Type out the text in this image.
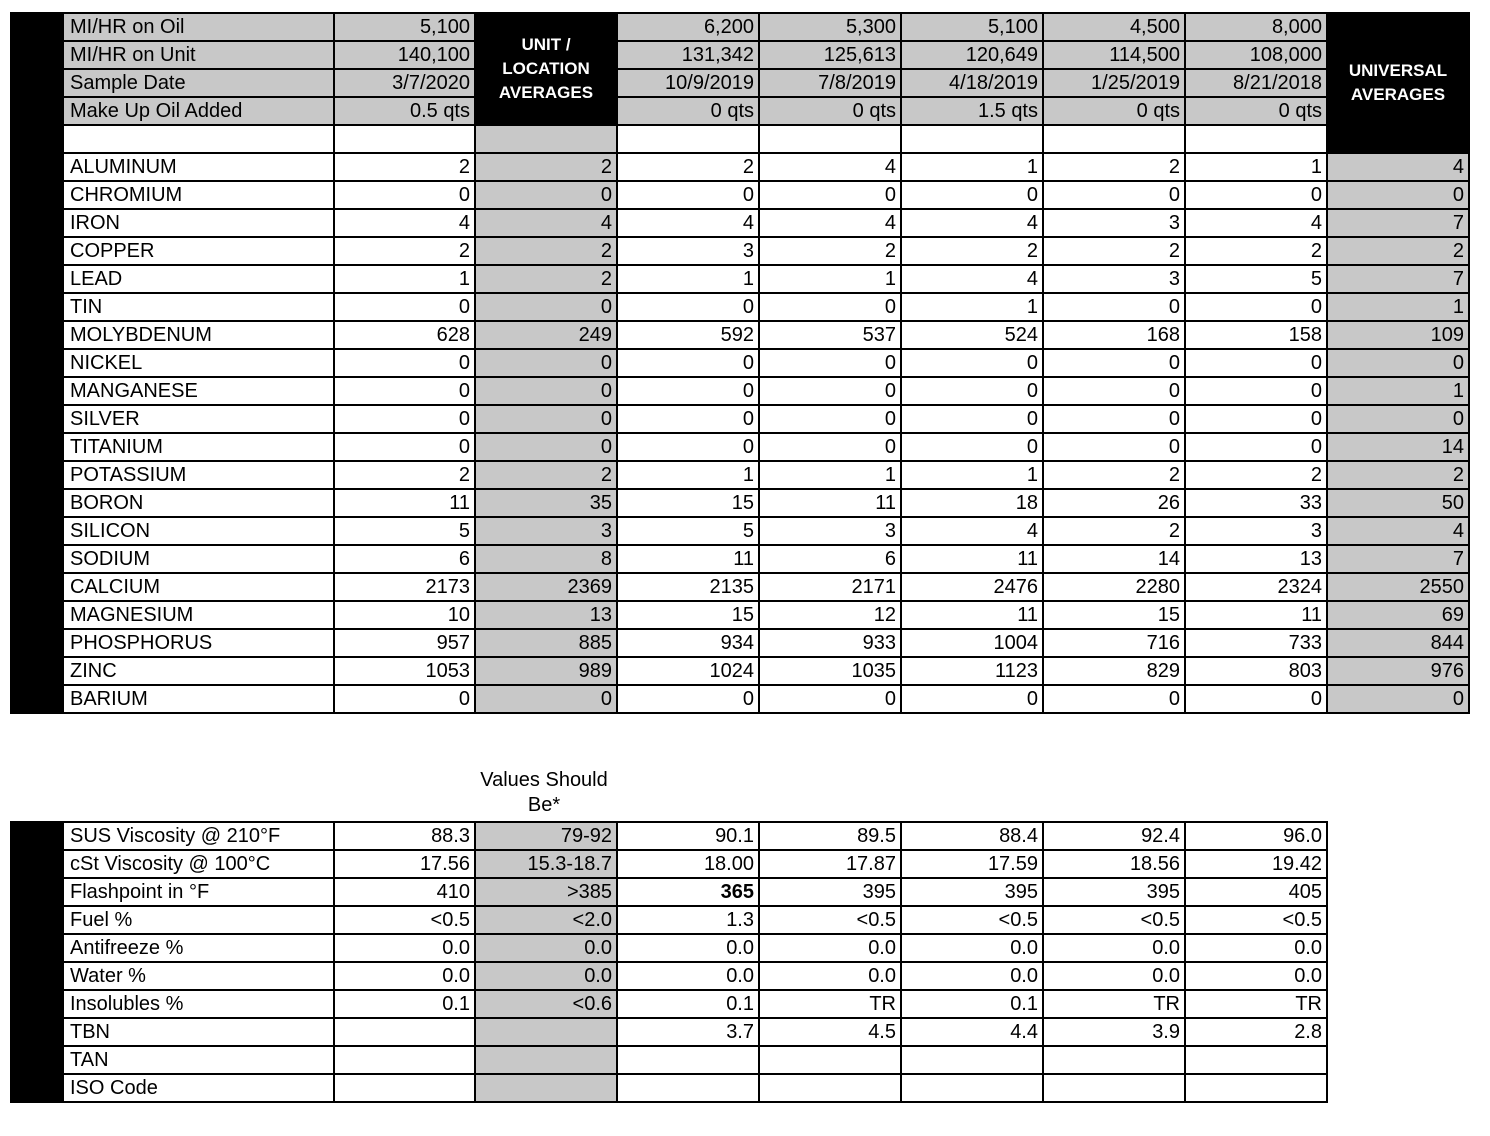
	MI/HR on Oil	5,100	UNIT / LOCATION AVERAGES	6,200	5,300	5,100	4,500	8,000	UNIVERSAL AVERAGES
	MI/HR on Unit	140,100		131,342	125,613	120,649	114,500	108,000	
	Sample Date	3/7/2020		10/9/2019	7/8/2019	4/18/2019	1/25/2019	8/21/2018	
	Make Up Oil Added	0.5 qts		0 qts	0 qts	1.5 qts	0 qts	0 qts	

	ALUMINUM	2	2	2	4	1	2	1	4
	CHROMIUM	0	0	0	0	0	0	0	0
	IRON	4	4	4	4	4	3	4	7
	COPPER	2	2	3	2	2	2	2	2
	LEAD	1	2	1	1	4	3	5	7
	TIN	0	0	0	0	1	0	0	1
	MOLYBDENUM	628	249	592	537	524	168	158	109
	NICKEL	0	0	0	0	0	0	0	0
	MANGANESE	0	0	0	0	0	0	0	1
	SILVER	0	0	0	0	0	0	0	0
	TITANIUM	0	0	0	0	0	0	0	14
	POTASSIUM	2	2	1	1	1	2	2	2
	BORON	11	35	15	11	18	26	33	50
	SILICON	5	3	5	3	4	2	3	4
	SODIUM	6	8	11	6	11	14	13	7
	CALCIUM	2173	2369	2135	2171	2476	2280	2324	2550
	MAGNESIUM	10	13	15	12	11	15	11	69
	PHOSPHORUS	957	885	934	933	1004	716	733	844
	ZINC	1053	989	1024	1035	1123	829	803	976
	BARIUM	0	0	0	0	0	0	0	0
Values Should Be*
	SUS Viscosity @ 210°F	88.3	79-92	90.1	89.5	88.4	92.4	96.0
	cSt Viscosity @ 100°C	17.56	15.3-18.7	18.00	17.87	17.59	18.56	19.42
	Flashpoint in °F	410	>385	365	395	395	395	405
	Fuel %	<0.5	<2.0	1.3	<0.5	<0.5	<0.5	<0.5
	Antifreeze %	0.0	0.0	0.0	0.0	0.0	0.0	0.0
	Water %	0.0	0.0	0.0	0.0	0.0	0.0	0.0
	Insolubles %	0.1	<0.6	0.1	TR	0.1	TR	TR
	TBN			3.7	4.5	4.4	3.9	2.8
	TAN							
	ISO Code							
